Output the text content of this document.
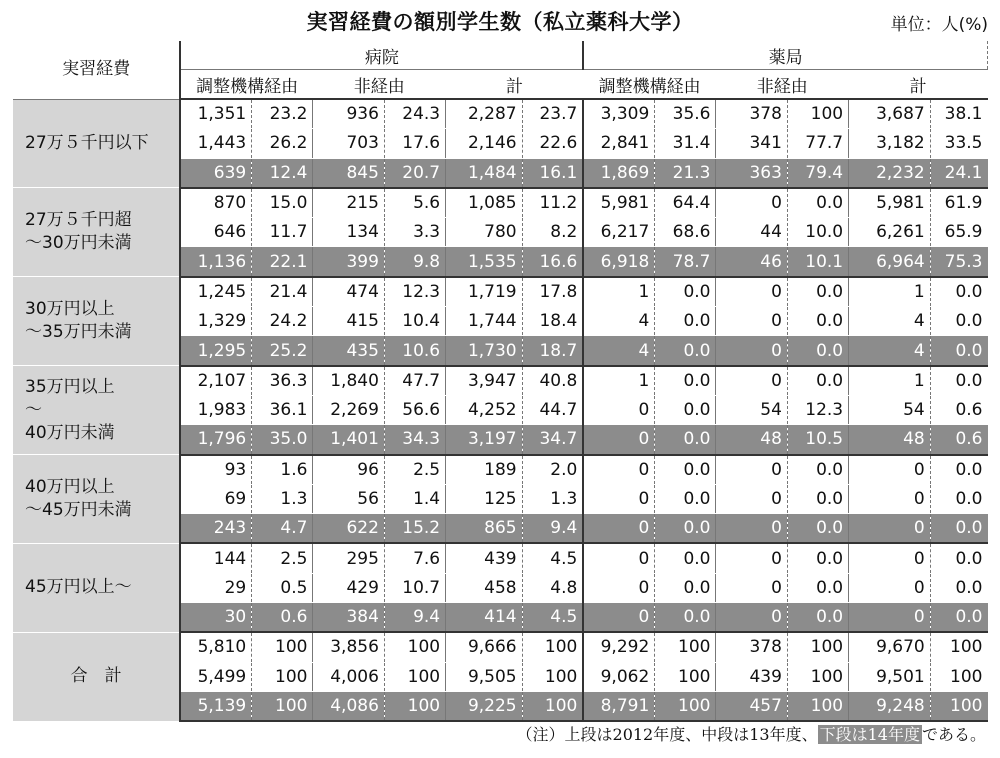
実習経費の額別学生数（私立薬科大学）	単位：人(%)
実習経費	病院						薬局					
	調整機構経由		非経由		計		調整機構経由		非経由		計	
27万５千円以下	1,351	23.2	936	24.3	2,287	23.7	3,309	35.6	378	100	3,687	38.1
	1,443	26.2	703	17.6	2,146	22.6	2,841	31.4	341	77.7	3,182	33.5
	639	12.4	845	20.7	1,484	16.1	1,869	21.3	363	79.4	2,232	24.1
27万５千円超
〜30万円未満	870	15.0	215	5.6	1,085	11.2	5,981	64.4	0	0.0	5,981	61.9
	646	11.7	134	3.3	780	8.2	6,217	68.6	44	10.0	6,261	65.9
	1,136	22.1	399	9.8	1,535	16.6	6,918	78.7	46	10.1	6,964	75.3
30万円以上
〜35万円未満	1,245	21.4	474	12.3	1,719	17.8	1	0.0	0	0.0	1	0.0
	1,329	24.2	415	10.4	1,744	18.4	4	0.0	0	0.0	4	0.0
	1,295	25.2	435	10.6	1,730	18.7	4	0.0	0	0.0	4	0.0
35万円以上
〜
40万円未満	2,107	36.3	1,840	47.7	3,947	40.8	1	0.0	0	0.0	1	0.0
	1,983	36.1	2,269	56.6	4,252	44.7	0	0.0	54	12.3	54	0.6
	1,796	35.0	1,401	34.3	3,197	34.7	0	0.0	48	10.5	48	0.6
40万円以上
〜45万円未満	93	1.6	96	2.5	189	2.0	0	0.0	0	0.0	0	0.0
	69	1.3	56	1.4	125	1.3	0	0.0	0	0.0	0	0.0
	243	4.7	622	15.2	865	9.4	0	0.0	0	0.0	0	0.0
45万円以上〜	144	2.5	295	7.6	439	4.5	0	0.0	0	0.0	0	0.0
	29	0.5	429	10.7	458	4.8	0	0.0	0	0.0	0	0.0
	30	0.6	384	9.4	414	4.5	0	0.0	0	0.0	0	0.0
合　計	5,810	100	3,856	100	9,666	100	9,292	100	378	100	9,670	100
	5,499	100	4,006	100	9,505	100	9,062	100	439	100	9,501	100
	5,139	100	4,086	100	9,225	100	8,791	100	457	100	9,248	100
（注）上段は2012年度、中段は13年度、 下段は14年度 である。
